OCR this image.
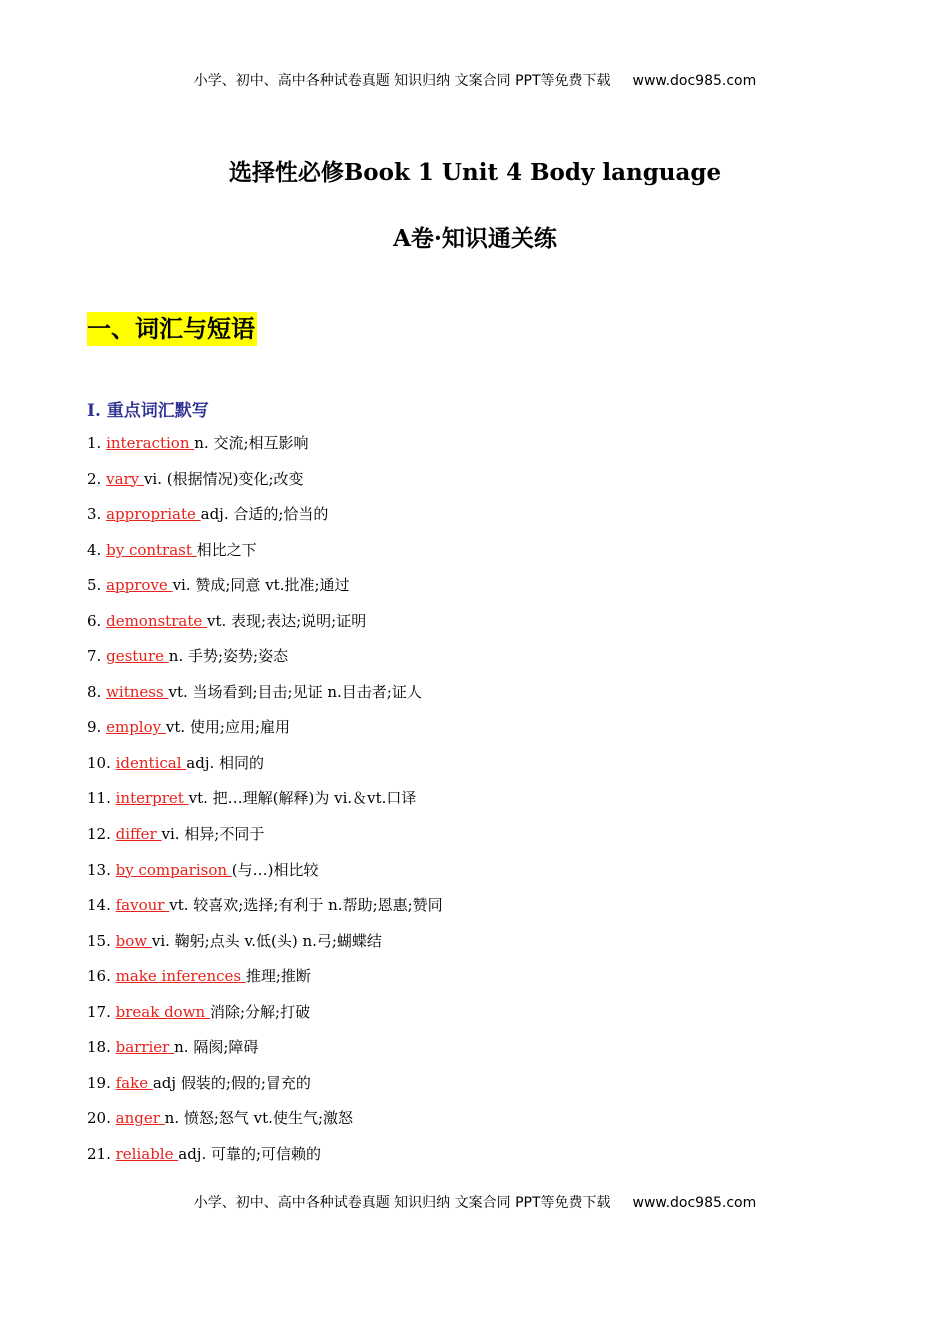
小学、初中、高中各种试卷真题 知识归纳 文案合同 PPT等免费下载 www.doc985.com
选择性必修Book 1 Unit 4 Body language
A卷·知识通关练
一、词汇与短语
I. 重点词汇默写
1. interaction n. 交流;相互影响
2. vary vi. (根据情况)变化;改变
3. appropriate adj. 合适的;恰当的
4. by contrast 相比之下
5. approve vi. 赞成;同意 vt.批准;通过
6. demonstrate vt. 表现;表达;说明;证明
7. gesture n. 手势;姿势;姿态
8. witness vt. 当场看到;目击;见证 n.目击者;证人
9. employ vt. 使用;应用;雇用
10. identical adj. 相同的
11. interpret vt. 把…理解(解释)为 vi.＆vt.口译
12. differ vi. 相异;不同于
13. by comparison (与…)相比较
14. favour vt. 较喜欢;选择;有利于 n.帮助;恩惠;赞同
15. bow vi. 鞠躬;点头 v.低(头) n.弓;蝴蝶结
16. make inferences 推理;推断
17. break down 消除;分解;打破
18. barrier n. 隔阂;障碍
19. fake adj 假装的;假的;冒充的
20. anger n. 愤怒;怒气 vt.使生气;激怒
21. reliable adj. 可靠的;可信赖的
小学、初中、高中各种试卷真题 知识归纳 文案合同 PPT等免费下载 www.doc985.com
